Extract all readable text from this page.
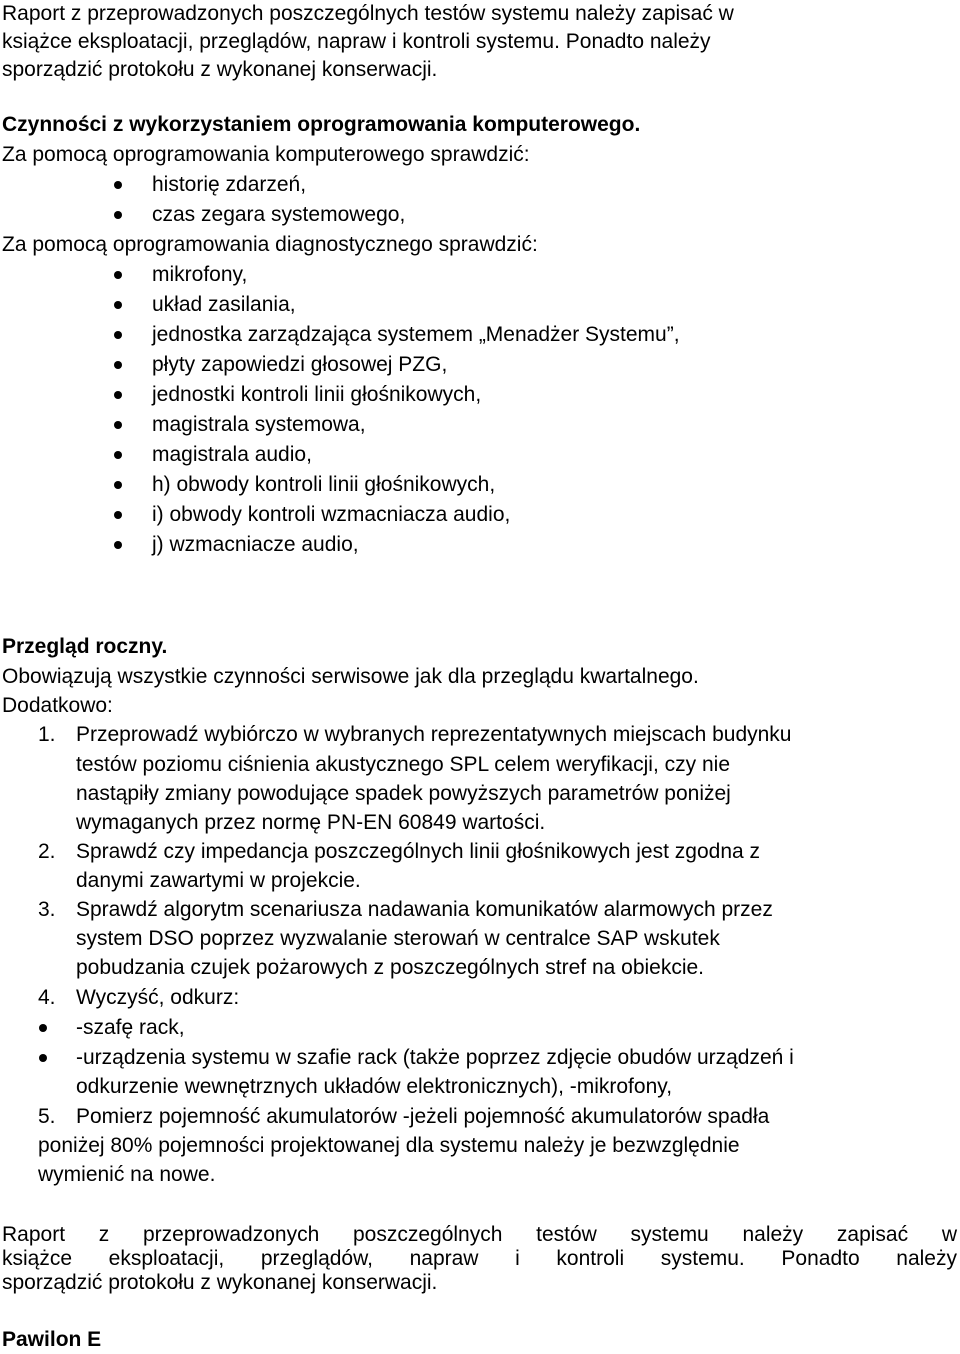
Raport z przeprowadzonych poszczególnych testów systemu należy zapisać w
książce eksploatacji, przeglądów, napraw i kontroli systemu. Ponadto należy
sporządzić protokołu z wykonanej konserwacji.
Czynności z wykorzystaniem oprogramowania komputerowego.
Za pomocą oprogramowania komputerowego sprawdzić:
historię zdarzeń,
czas zegara systemowego,
Za pomocą oprogramowania diagnostycznego sprawdzić:
mikrofony,
układ zasilania,
jednostka zarządzająca systemem „Menadżer Systemu”,
płyty zapowiedzi głosowej PZG,
jednostki kontroli linii głośnikowych,
magistrala systemowa,
magistrala audio,
h) obwody kontroli linii głośnikowych,
i) obwody kontroli wzmacniacza audio,
j) wzmacniacze audio,
Przegląd roczny.
Obowiązują wszystkie czynności serwisowe jak dla przeglądu kwartalnego.
Dodatkowo:
1. Przeprowadź wybiórczo w wybranych reprezentatywnych miejscach budynku
testów poziomu ciśnienia akustycznego SPL celem weryfikacji, czy nie
nastąpiły zmiany powodujące spadek powyższych parametrów poniżej
wymaganych przez normę PN-EN 60849 wartości.
2. Sprawdź czy impedancja poszczególnych linii głośnikowych jest zgodna z
danymi zawartymi w projekcie.
3. Sprawdź algorytm scenariusza nadawania komunikatów alarmowych przez
system DSO poprzez wyzwalanie sterowań w centralce SAP wskutek
pobudzania czujek pożarowych z poszczególnych stref na obiekcie.
4. Wyczyść, odkurz:
-szafę rack,
-urządzenia systemu w szafie rack (także poprzez zdjęcie obudów urządzeń i
odkurzenie wewnętrznych układów elektronicznych), -mikrofony,
5. Pomierz pojemność akumulatorów -jeżeli pojemność akumulatorów spadła
poniżej 80% pojemności projektowanej dla systemu należy je bezwzględnie
wymienić na nowe.
Raport z przeprowadzonych poszczególnych testów systemu należy zapisać w
książce eksploatacji, przeglądów, napraw i kontroli systemu. Ponadto należy
sporządzić protokołu z wykonanej konserwacji.
Pawilon E
